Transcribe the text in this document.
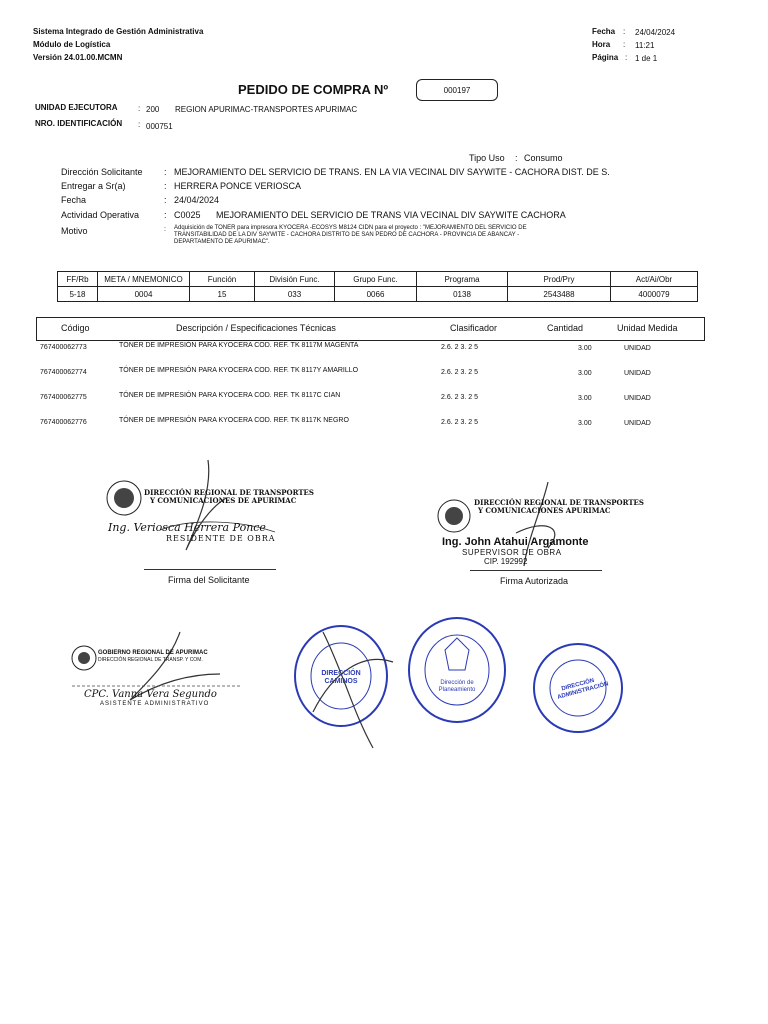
Sistema Integrado de Gestión Administrativa
Módulo de Logística
Versión 24.01.00.MCMN
Fecha : 24/04/2024
Hora : 11:21
Página : 1 de 1
PEDIDO DE COMPRA Nº	000197
UNIDAD EJECUTORA	: 200 REGION APURIMAC-TRANSPORTES APURIMAC
NRO. IDENTIFICACIÓN : 000751
Tipo Uso : Consumo
Dirección Solicitante : MEJORAMIENTO DEL SERVICIO DE TRANS. EN LA VIA VECINAL DIV SAYWITE - CACHORA DIST. DE S.
Entregar a Sr(a)	: HERRERA PONCE VERIOSCA
Fecha	: 24/04/2024
Actividad Operativa	: C0025 MEJORAMIENTO DEL SERVICIO DE TRANS VIA VECINAL DIV SAYWITE CACHORA
Motivo	: Adquisición de TONER para impresora KYOCERA -ECOSYS M8124 CIDN para el proyecto : "MEJORAMIENTO DEL SERVICIO DE
TRANSITABILIDAD DE LA DIV SAYWITE - CACHORA DISTRITO DE SAN PEDRO DE CACHORA - PROVINCIA DE ABANCAY -
DEPARTAMENTO DE APURIMAC".
FF/Rb	META / MNEMONICO	Función	División Func.	Grupo Func.	Programa	Prod/Pry	Act/Ai/Obr
5-18	0004	15	033	0066	0138	2543488	4000079
Código	Descripción / Especificaciones Técnicas	Clasificador	Cantidad	Unidad Medida
767400062773	TÓNER DE IMPRESIÓN PARA KYOCERA COD. REF. TK 8117M MAGENTA	2.6. 2 3. 2 5	3.00	UNIDAD
767400062774	TÓNER DE IMPRESIÓN PARA KYOCERA COD. REF. TK 8117Y AMARILLO	2.6. 2 3. 2 5	3.00	UNIDAD
767400062775	TÓNER DE IMPRESIÓN PARA KYOCERA COD. REF. TK 8117C CIAN	2.6. 2 3. 2 5	3.00	UNIDAD
767400062776	TÓNER DE IMPRESIÓN PARA KYOCERA COD. REF. TK 8117K NEGRO	2.6. 2 3. 2 5	3.00	UNIDAD
DIRECCIÓN REGIONAL DE TRANSPORTES
Y COMUNICACIONES DE APURIMAC
Ing. Veriosca Herrera Ponce
RESIDENTE DE OBRA
Firma del Solicitante
DIRECCIÓN REGIONAL DE TRANSPORTES
Y COMUNICACIONES APURIMAC
Ing. John Atahui Argamonte
SUPERVISOR DE OBRA
CIP. 192992
Firma Autorizada
GOBIERNO REGIONAL DE APURIMAC
DIRECCIÓN REGIONAL DE TRANSP. Y COM.
CPC. Vanna Vera Segundo
ASISTENTE ADMINISTRATIVO
DIRECCIÓN CAMINOS	Dirección de Planeamiento	DIRECCIÓN ADMINISTRACIÓN
